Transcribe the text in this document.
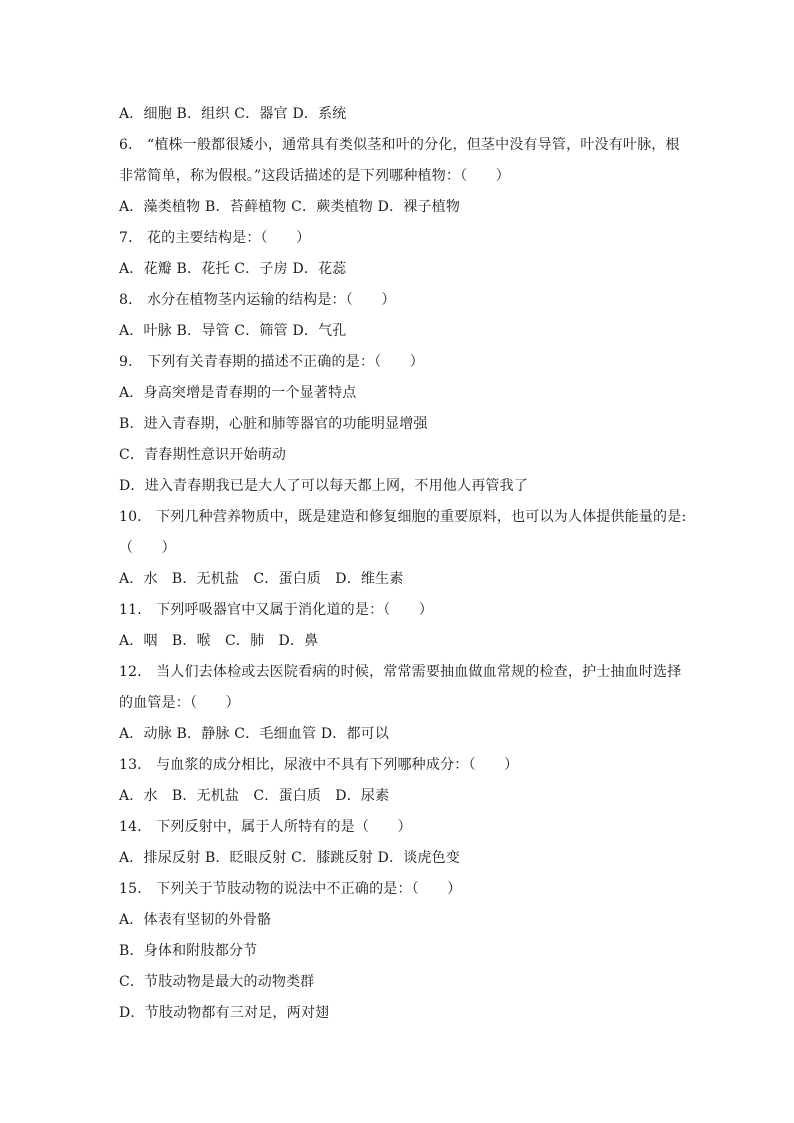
A．细胞 B．组织 C．器官 D．系统
6． “植株一般都很矮小，通常具有类似茎和叶的分化，但茎中没有导管，叶没有叶脉，根
非常简单，称为假根。”这段话描述的是下列哪种植物：（　　）
A．藻类植物 B．苔藓植物 C．蕨类植物 D．裸子植物
7． 花的主要结构是：（　　）
A．花瓣 B．花托 C．子房 D．花蕊
8． 水分在植物茎内运输的结构是：（　　）
A．叶脉 B．导管 C．筛管 D．气孔
9． 下列有关青春期的描述不正确的是：（　　）
A．身高突增是青春期的一个显著特点
B．进入青春期，心脏和肺等器官的功能明显增强
C．青春期性意识开始萌动
D．进入青春期我已是大人了可以每天都上网，不用他人再管我了
10． 下列几种营养物质中，既是建造和修复细胞的重要原料，也可以为人体提供能量的是:
（　　）
A．水　B．无机盐　C．蛋白质　D．维生素
11． 下列呼吸器官中又属于消化道的是：（　　）
A．咽　B．喉　C．肺　D．鼻
12． 当人们去体检或去医院看病的时候，常常需要抽血做血常规的检查，护士抽血时选择
的血管是：（　　）
A．动脉 B．静脉 C．毛细血管 D．都可以
13． 与血浆的成分相比，尿液中不具有下列哪种成分：（　　）
A．水　B．无机盐　C．蛋白质　D．尿素
14． 下列反射中，属于人所特有的是（　　）
A．排尿反射 B．眨眼反射 C．膝跳反射 D．谈虎色变
15． 下列关于节肢动物的说法中不正确的是：（　　）
A．体表有坚韧的外骨骼
B．身体和附肢都分节
C．节肢动物是最大的动物类群
D．节肢动物都有三对足，两对翅
